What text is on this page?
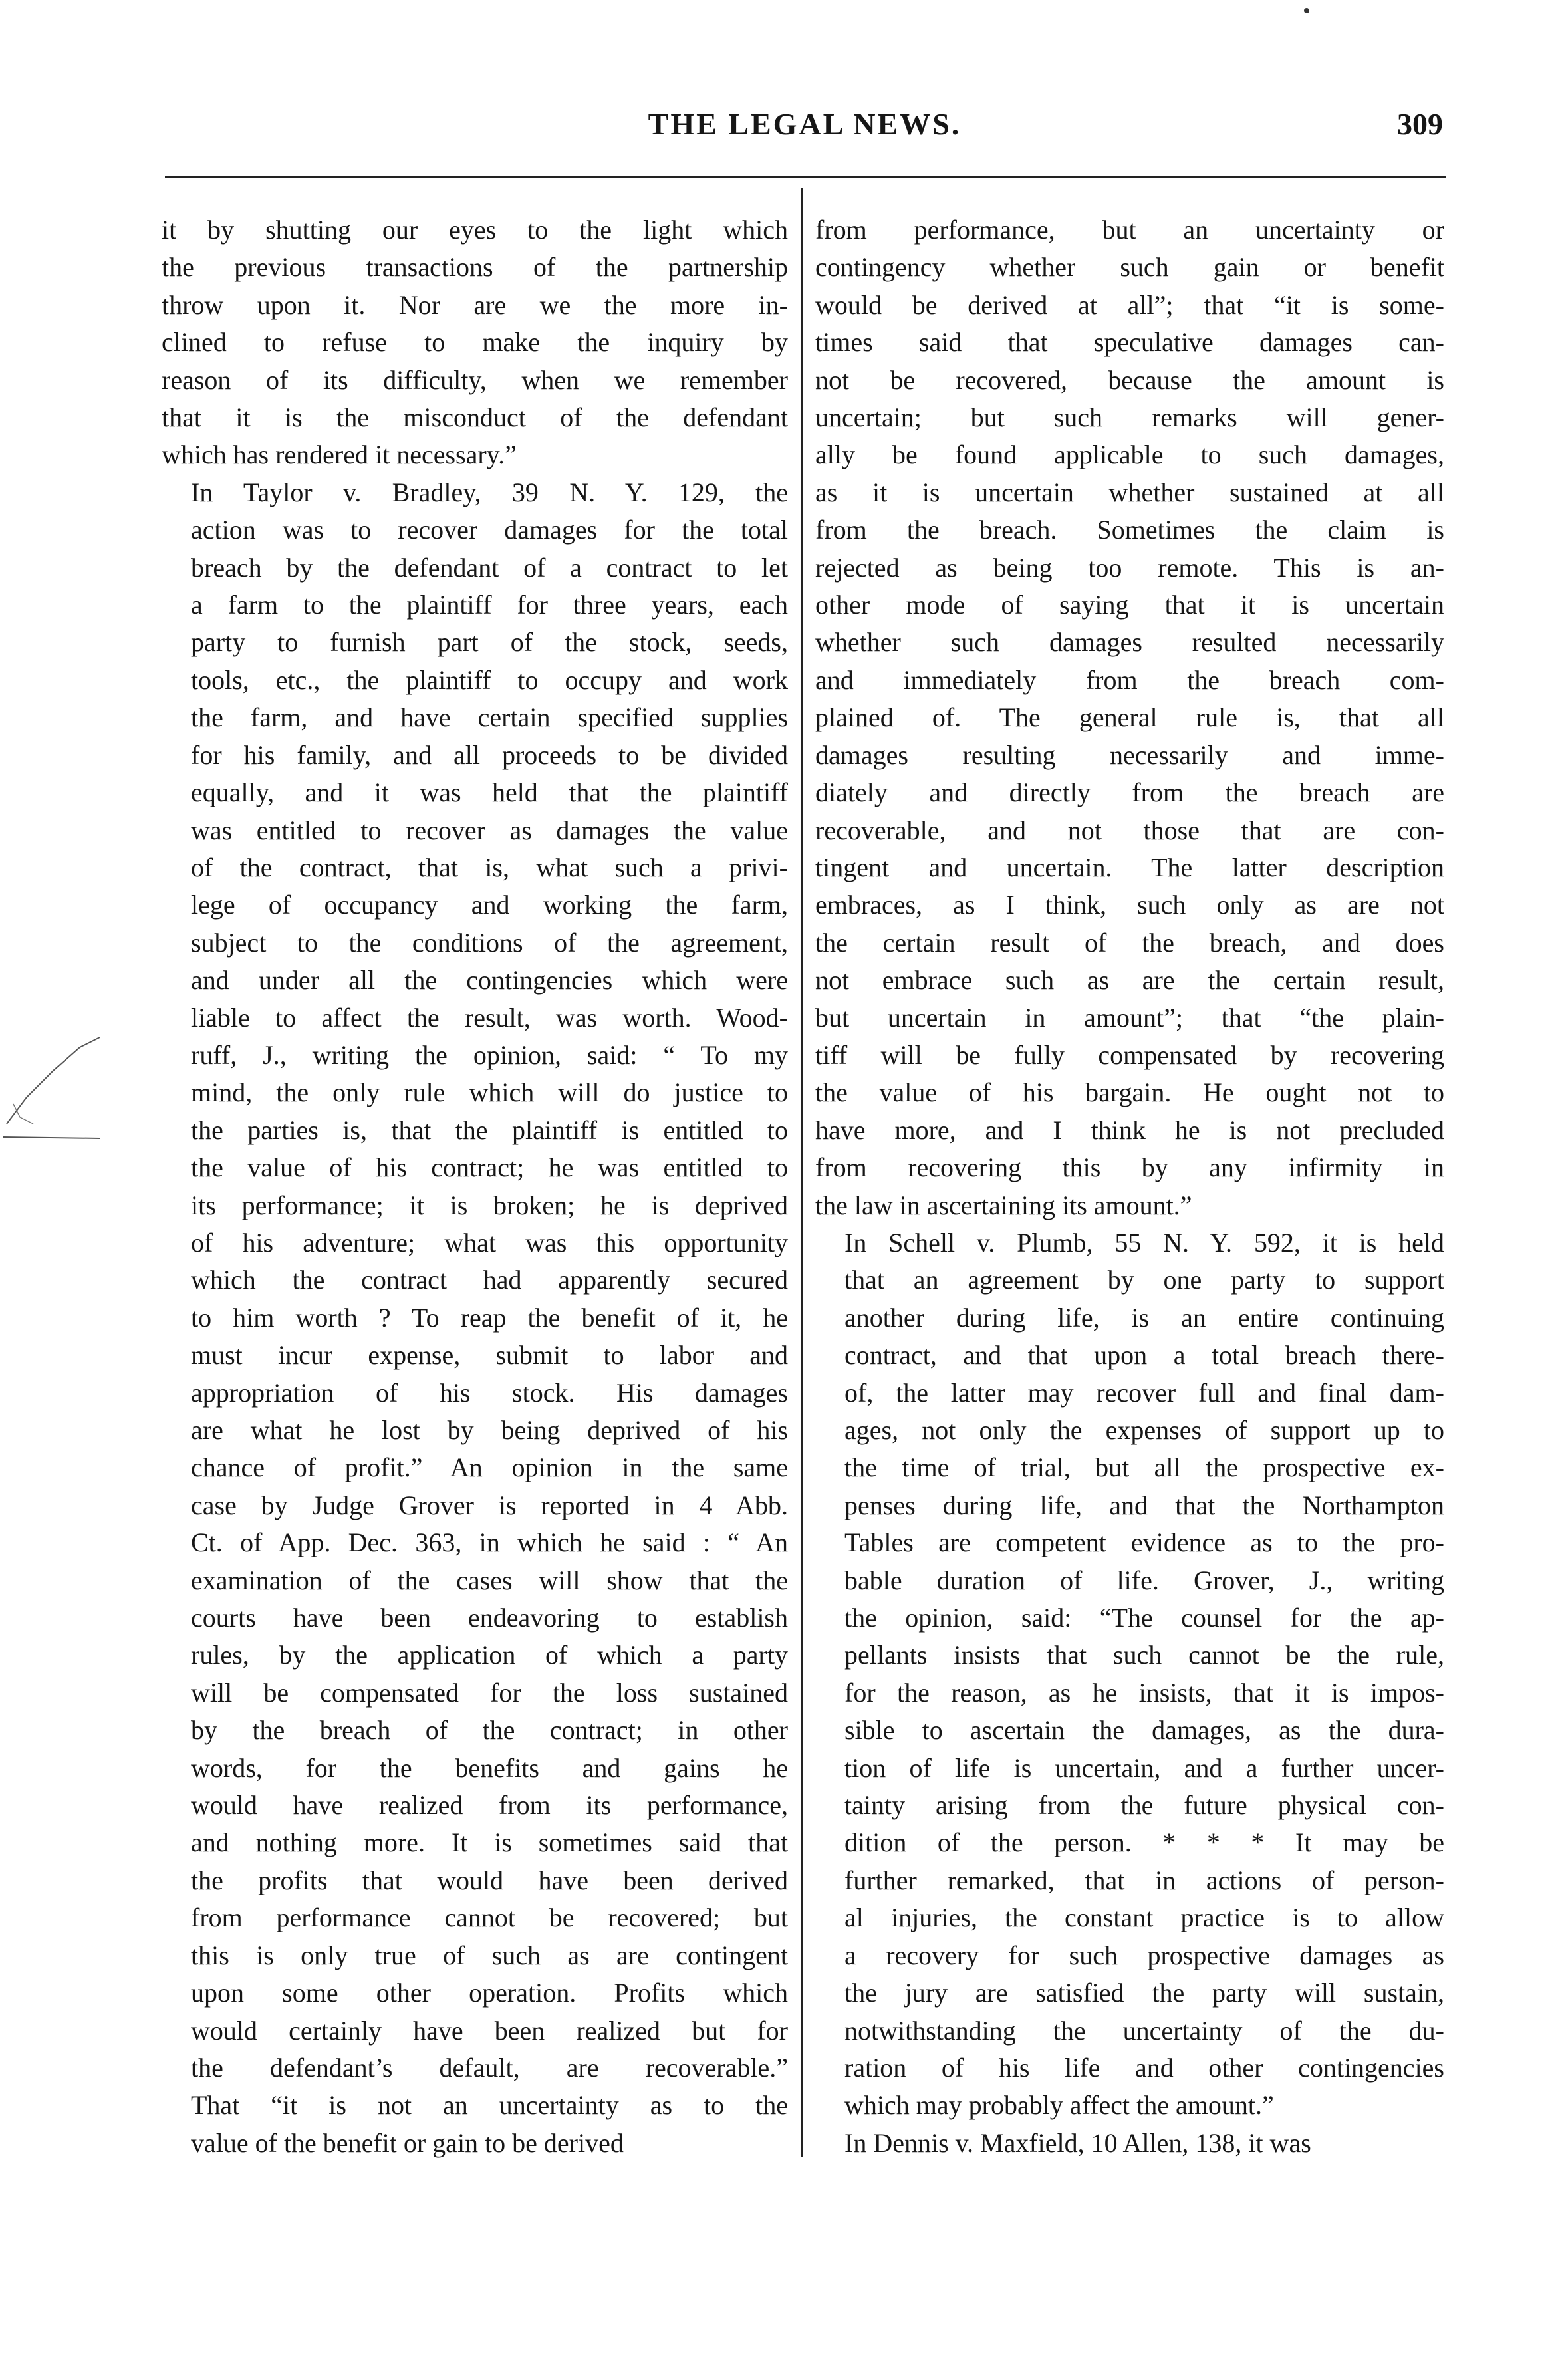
THE LEGAL NEWS.	309
it by shutting our eyes to the light which
the previous transactions of the partnership
throw upon it. Nor are we the more in-
clined to refuse to make the inquiry by
reason of its difficulty, when we remember
that it is the misconduct of the defendant
which has rendered it necessary.”
In Taylor v. Bradley, 39 N. Y. 129, the
action was to recover damages for the total
breach by the defendant of a contract to let
a farm to the plaintiff for three years, each
party to furnish part of the stock, seeds,
tools, etc., the plaintiff to occupy and work
the farm, and have certain specified supplies
for his family, and all proceeds to be divided
equally, and it was held that the plaintiff
was entitled to recover as damages the value
of the contract, that is, what such a privi-
lege of occupancy and working the farm,
subject to the conditions of the agreement,
and under all the contingencies which were
liable to affect the result, was worth. Wood-
ruff, J., writing the opinion, said: “ To my
mind, the only rule which will do justice to
the parties is, that the plaintiff is entitled to
the value of his contract; he was entitled to
its performance; it is broken; he is deprived
of his adventure; what was this opportunity
which the contract had apparently secured
to him worth ? To reap the benefit of it, he
must incur expense, submit to labor and
appropriation of his stock. His damages
are what he lost by being deprived of his
chance of profit.” An opinion in the same
case by Judge Grover is reported in 4 Abb.
Ct. of App. Dec. 363, in which he said : “ An
examination of the cases will show that the
courts have been endeavoring to establish
rules, by the application of which a party
will be compensated for the loss sustained
by the breach of the contract; in other
words, for the benefits and gains he
would have realized from its performance,
and nothing more. It is sometimes said that
the profits that would have been derived
from performance cannot be recovered; but
this is only true of such as are contingent
upon some other operation. Profits which
would certainly have been realized but for
the defendant’s default, are recoverable.”
That “it is not an uncertainty as to the
value of the benefit or gain to be derived
from performance, but an uncertainty or
contingency whether such gain or benefit
would be derived at all”; that “it is some-
times said that speculative damages can-
not be recovered, because the amount is
uncertain; but such remarks will gener-
ally be found applicable to such damages,
as it is uncertain whether sustained at all
from the breach. Sometimes the claim is
rejected as being too remote. This is an-
other mode of saying that it is uncertain
whether such damages resulted necessarily
and immediately from the breach com-
plained of. The general rule is, that all
damages resulting necessarily and imme-
diately and directly from the breach are
recoverable, and not those that are con-
tingent and uncertain. The latter description
embraces, as I think, such only as are not
the certain result of the breach, and does
not embrace such as are the certain result,
but uncertain in amount”; that “the plain-
tiff will be fully compensated by recovering
the value of his bargain. He ought not to
have more, and I think he is not precluded
from recovering this by any infirmity in
the law in ascertaining its amount.”
In Schell v. Plumb, 55 N. Y. 592, it is held
that an agreement by one party to support
another during life, is an entire continuing
contract, and that upon a total breach there-
of, the latter may recover full and final dam-
ages, not only the expenses of support up to
the time of trial, but all the prospective ex-
penses during life, and that the Northampton
Tables are competent evidence as to the pro-
bable duration of life. Grover, J., writing
the opinion, said: “The counsel for the ap-
pellants insists that such cannot be the rule,
for the reason, as he insists, that it is impos-
sible to ascertain the damages, as the dura-
tion of life is uncertain, and a further uncer-
tainty arising from the future physical con-
dition of the person. * * * It may be
further remarked, that in actions of person-
al injuries, the constant practice is to allow
a recovery for such prospective damages as
the jury are satisfied the party will sustain,
notwithstanding the uncertainty of the du-
ration of his life and other contingencies
which may probably affect the amount.”
In Dennis v. Maxfield, 10 Allen, 138, it was
